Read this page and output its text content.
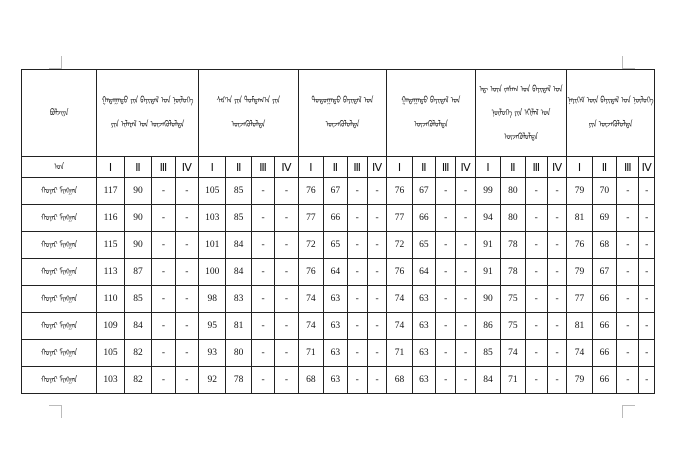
ᠪᠣᠯᠵᠢᠶᠠ	ᠭᠠᠳᠠᠭᠠᠳᠤ ᠶᠢᠨ ᠪᠠᠶᠢᠳᠠᠯ ᠤᠨ ᠨᠦᠯᠦᠭᠡ ᠶᠢᠨ ᠢᠯᠡᠷᠡᠯ ᠤᠨ ᠦᠵᠡᠭᠦᠯᠦᠯᠲᠡ				ᠰᠠᠷ᠎ᠠ ᠶᠢᠨ ᠳᠤᠮᠳᠠᠭ᠎ᠠ ᠶᠢᠨ ᠦᠵᠡᠭᠦᠯᠦᠯᠲᠡ				ᠳᠣᠲᠣᠭᠠᠳᠤ ᠪᠠᠶᠢᠳᠠᠯ ᠤᠨ ᠦᠵᠡᠭᠦᠯᠦᠯᠲᠡ				ᠭᠠᠳᠠᠭᠠᠳᠤ ᠪᠠᠶᠢᠳᠠᠯ ᠤᠨ ᠦᠵᠡᠭᠦᠯᠦᠯᠲᠡ				ᠡᠳ᠋ ᠦᠨ ᠵᠠᠰᠠᠭ ᠤᠨ ᠪᠠᠶᠢᠳᠠᠯ ᠤᠨ ᠨᠥᠯᠦᠭᠡ ᠶᠢᠨ ᠡᠬᠢᠯᠡᠯ ᠤᠨ ᠦᠵᠡᠭᠦᠯᠦᠯᠲᠡ				ᠨᠡᠶᠢᠭᠡᠮ ᠦᠨ ᠪᠠᠶᠢᠳᠠᠯ ᠤᠨ ᠨᠥᠯᠦᠭᠡ ᠶᠢᠨ ᠦᠵᠡᠭᠦᠯᠦᠯᠲᠡ			
ᠣᠨ	Ⅰ	Ⅱ	Ⅲ	Ⅳ	Ⅰ	Ⅱ	Ⅲ	Ⅳ	Ⅰ	Ⅱ	Ⅲ	Ⅳ	Ⅰ	Ⅱ	Ⅲ	Ⅳ	Ⅰ	Ⅱ	Ⅲ	Ⅳ	Ⅰ	Ⅱ	Ⅲ	Ⅳ
ᠬᠣᠶᠠᠷ ᠮᠢᠩᠭᠠᠨ	117	90	-	-	105	85	-	-	76	67	-	-	76	67	-	-	99	80	-	-	79	70	-	-
ᠬᠣᠶᠠᠷ ᠮᠢᠩᠭᠠᠨ	116	90	-	-	103	85	-	-	77	66	-	-	77	66	-	-	94	80	-	-	81	69	-	-
ᠬᠣᠶᠠᠷ ᠮᠢᠩᠭᠠᠨ	115	90	-	-	101	84	-	-	72	65	-	-	72	65	-	-	91	78	-	-	76	68	-	-
ᠬᠣᠶᠠᠷ ᠮᠢᠩᠭᠠᠨ	113	87	-	-	100	84	-	-	76	64	-	-	76	64	-	-	91	78	-	-	79	67	-	-
ᠬᠣᠶᠠᠷ ᠮᠢᠩᠭᠠᠨ	110	85	-	-	98	83	-	-	74	63	-	-	74	63	-	-	90	75	-	-	77	66	-	-
ᠬᠣᠶᠠᠷ ᠮᠢᠩᠭᠠᠨ	109	84	-	-	95	81	-	-	74	63	-	-	74	63	-	-	86	75	-	-	81	66	-	-
ᠬᠣᠶᠠᠷ ᠮᠢᠩᠭᠠᠨ	105	82	-	-	93	80	-	-	71	63	-	-	71	63	-	-	85	74	-	-	74	66	-	-
ᠬᠣᠶᠠᠷ ᠮᠢᠩᠭᠠᠨ	103	82	-	-	92	78	-	-	68	63	-	-	68	63	-	-	84	71	-	-	79	66	-	-
